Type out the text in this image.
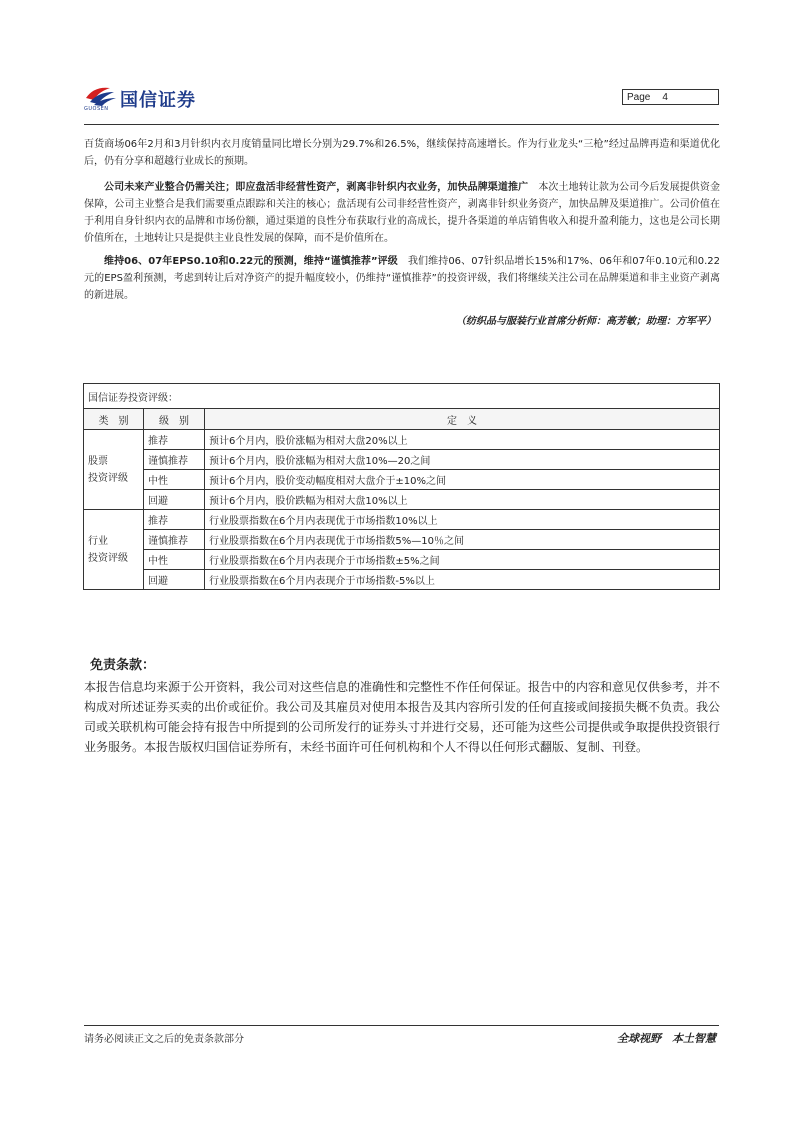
GUOSEN 国信证券	Page 4
百货商场06年2月和3月针织内衣月度销量同比增长分别为29.7%和26.5%，继续保持高速增长。作为行业龙头“三枪”经过品牌再造和渠道优化后，仍有分享和超越行业成长的预期。
公司未来产业整合仍需关注；即应盘活非经营性资产，剥离非针织内衣业务，加快品牌渠道推广　 本次土地转让款为公司今后发展提供资金保障，公司主业整合是我们需要重点跟踪和关注的核心；盘活现有公司非经营性资产，剥离非针织业务资产，加快品牌及渠道推广。公司价值在于利用自身针织内衣的品牌和市场份额，通过渠道的良性分布获取行业的高成长，提升各渠道的单店销售收入和提升盈利能力，这也是公司长期价值所在，土地转让只是提供主业良性发展的保障，而不是价值所在。
维持06、07年EPS0.10和0.22元的预测，维持“谨慎推荐”评级　 我们维持06、07针织品增长15%和17%、06年和07年0.10元和0.22元的EPS盈利预测，考虑到转让后对净资产的提升幅度较小，仍维持“谨慎推荐”的投资评级，我们将继续关注公司在品牌渠道和非主业资产剥离的新进展。
（纺织品与服装行业首席分析师：高芳敏；助理：方军平）
国信证券投资评级：		
类　别	级　别	定　义
股票
投资评级	推荐	预计6个月内，股价涨幅为相对大盘20%以上
	谨慎推荐	预计6个月内，股价涨幅为相对大盘10%—20之间
	中性	预计6个月内，股价变动幅度相对大盘介于±10%之间
	回避	预计6个月内，股价跌幅为相对大盘10%以上
行业
投资评级	推荐	行业股票指数在6个月内表现优于市场指数10%以上
	谨慎推荐	行业股票指数在6个月内表现优于市场指数5%—10％之间
	中性	行业股票指数在6个月内表现介于市场指数±5%之间
	回避	行业股票指数在6个月内表现介于市场指数-5%以上
免责条款：
本报告信息均来源于公开资料，我公司对这些信息的准确性和完整性不作任何保证。报告中的内容和意见仅供参考，并不构成对所述证券买卖的出价或征价。我公司及其雇员对使用本报告及其内容所引发的任何直接或间接损失概不负责。我公司或关联机构可能会持有报告中所提到的公司所发行的证券头寸并进行交易，还可能为这些公司提供或争取提供投资银行业务服务。本报告版权归国信证券所有，未经书面许可任何机构和个人不得以任何形式翻版、复制、刊登。
请务必阅读正文之后的免责条款部分	全球视野　本土智慧
